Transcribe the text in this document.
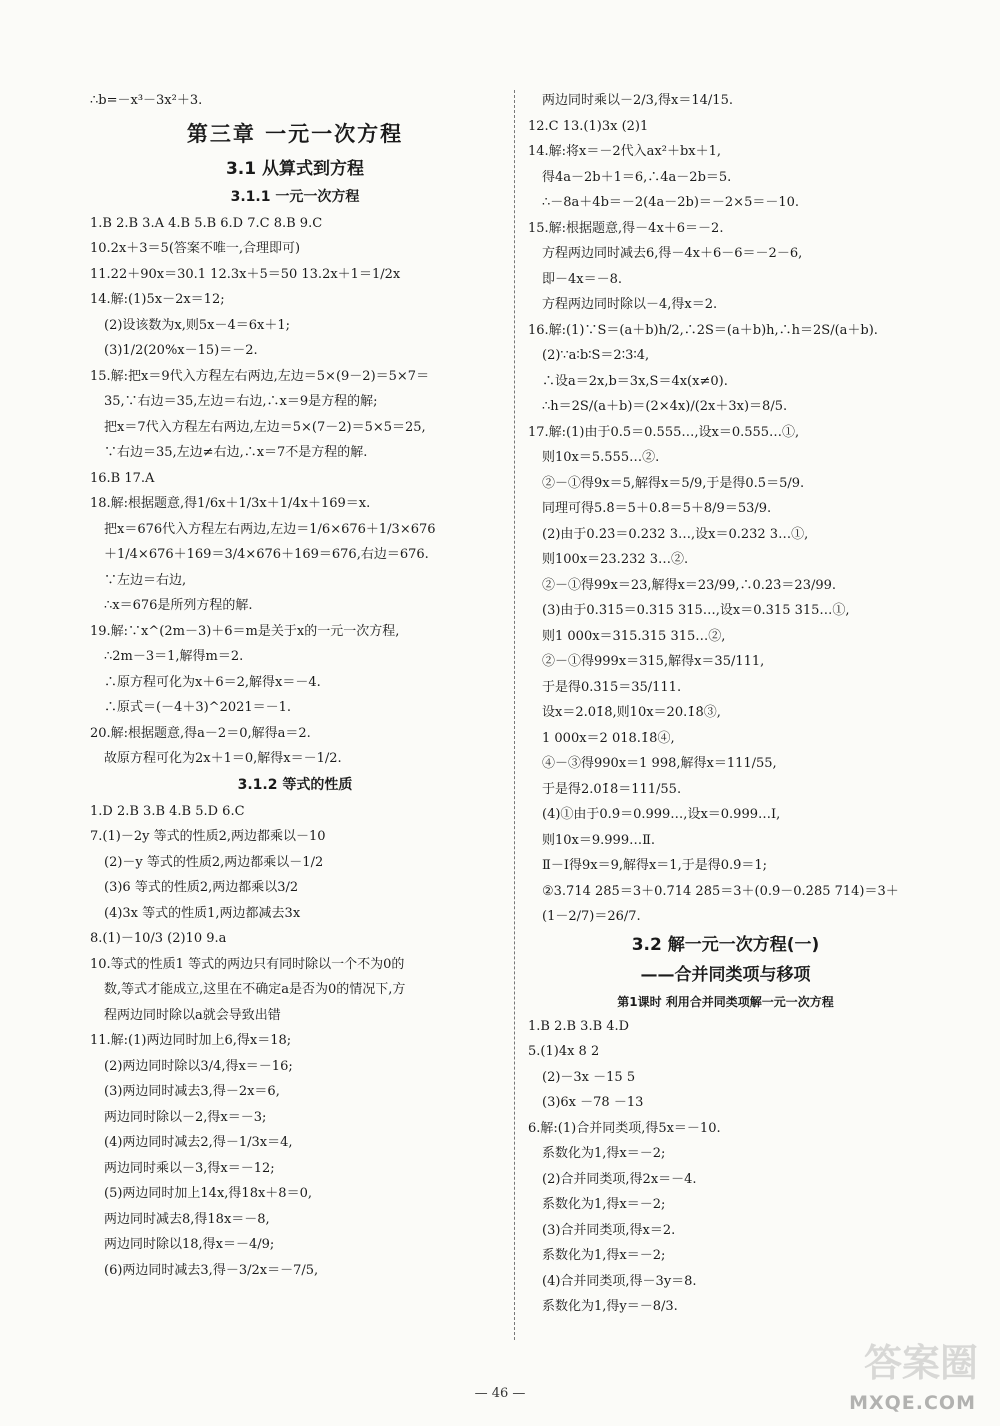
∴b=－x³－3x²＋3.
第三章 一元一次方程
3.1 从算式到方程
3.1.1 一元一次方程
1.B 2.B 3.A 4.B 5.B 6.D 7.C 8.B 9.C
10.2x＋3＝5(答案不唯一,合理即可)
11.22＋90x＝30.1 12.3x＋5＝50 13.2x＋1＝1/2x
14.解:(1)5x－2x＝12;
(2)设该数为x,则5x－4＝6x＋1;
(3)1/2(20%x－15)＝－2.
15.解:把x＝9代入方程左右两边,左边＝5×(9－2)＝5×7＝
35,∵右边＝35,左边＝右边,∴x＝9是方程的解;
把x＝7代入方程左右两边,左边＝5×(7－2)＝5×5＝25,
∵右边＝35,左边≠右边,∴x＝7不是方程的解.
16.B 17.A
18.解:根据题意,得1/6x＋1/3x＋1/4x＋169＝x.
把x＝676代入方程左右两边,左边＝1/6×676＋1/3×676
＋1/4×676＋169＝3/4×676＋169＝676,右边＝676.
∵左边＝右边,
∴x＝676是所列方程的解.
19.解:∵x^(2m－3)＋6＝m是关于x的一元一次方程,
∴2m－3＝1,解得m＝2.
∴原方程可化为x＋6＝2,解得x＝－4.
∴原式＝(－4＋3)^2021＝－1.
20.解:根据题意,得a－2＝0,解得a＝2.
故原方程可化为2x＋1＝0,解得x＝－1/2.
3.1.2 等式的性质
1.D 2.B 3.B 4.B 5.D 6.C
7.(1)－2y 等式的性质2,两边都乘以－10
(2)－y 等式的性质2,两边都乘以－1/2
(3)6 等式的性质2,两边都乘以3/2
(4)3x 等式的性质1,两边都减去3x
8.(1)－10/3 (2)10 9.a
10.等式的性质1 等式的两边只有同时除以一个不为0的
数,等式才能成立,这里在不确定a是否为0的情况下,方
程两边同时除以a就会导致出错
11.解:(1)两边同时加上6,得x＝18;
(2)两边同时除以3/4,得x＝－16;
(3)两边同时减去3,得－2x＝6,
两边同时除以－2,得x＝－3;
(4)两边同时减去2,得－1/3x＝4,
两边同时乘以－3,得x＝－12;
(5)两边同时加上14x,得18x＋8＝0,
两边同时减去8,得18x＝－8,
两边同时除以18,得x＝－4/9;
(6)两边同时减去3,得－3/2x＝－7/5,
两边同时乘以－2/3,得x＝14/15.
12.C 13.(1)3x (2)1
14.解:将x＝－2代入ax²＋bx＋1,
得4a－2b＋1＝6,∴4a－2b＝5.
∴－8a＋4b＝－2(4a－2b)＝－2×5＝－10.
15.解:根据题意,得－4x＋6＝－2.
方程两边同时减去6,得－4x＋6－6＝－2－6,
即－4x＝－8.
方程两边同时除以－4,得x＝2.
16.解:(1)∵S＝(a＋b)h/2,∴2S＝(a＋b)h,∴h＝2S/(a＋b).
(2)∵a∶b∶S＝2∶3∶4,
∴设a＝2x,b＝3x,S＝4x(x≠0).
∴h＝2S/(a＋b)＝(2×4x)/(2x＋3x)＝8/5.
17.解:(1)由于0.5̇＝0.555…,设x＝0.555…①,
则10x＝5.555…②.
②－①得9x＝5,解得x＝5/9,于是得0.5̇＝5/9.
同理可得5.8̇＝5＋0.8̇＝5＋8/9＝53/9.
(2)由于0.2̇3̇＝0.232 3…,设x＝0.232 3…①,
则100x＝23.232 3…②.
②－①得99x＝23,解得x＝23/99,∴0.2̇3̇＝23/99.
(3)由于0.3̇15̇＝0.315 315…,设x＝0.315 315…①,
则1 000x＝315.315 315…②,
②－①得999x＝315,解得x＝35/111,
于是得0.3̇15̇＝35/111.
设x＝2.01̇8̇,则10x＝20.1̇8̇③,
1 000x＝2 018.1̇8̇④,
④－③得990x＝1 998,解得x＝111/55,
于是得2.01̇8̇＝111/55.
(4)①由于0.9̇＝0.999…,设x＝0.999…Ⅰ,
则10x＝9.999…Ⅱ.
Ⅱ－Ⅰ得9x＝9,解得x＝1,于是得0.9̇＝1;
②3.7̇14 285̇＝3＋0.7̇14 285̇＝3＋(0.9̇－0.2̇85 714̇)＝3＋
(1－2/7)＝26/7.
3.2 解一元一次方程(一)
——合并同类项与移项
第1课时 利用合并同类项解一元一次方程
1.B 2.B 3.B 4.D
5.(1)4x 8 2
(2)－3x －15 5
(3)6x －78 －13
6.解:(1)合并同类项,得5x＝－10.
系数化为1,得x＝－2;
(2)合并同类项,得2x＝－4.
系数化为1,得x＝－2;
(3)合并同类项,得x＝2.
系数化为1,得x＝－2;
(4)合并同类项,得－3y＝8.
系数化为1,得y＝－8/3.
— 46 —
答案圈
MXQE.COM
